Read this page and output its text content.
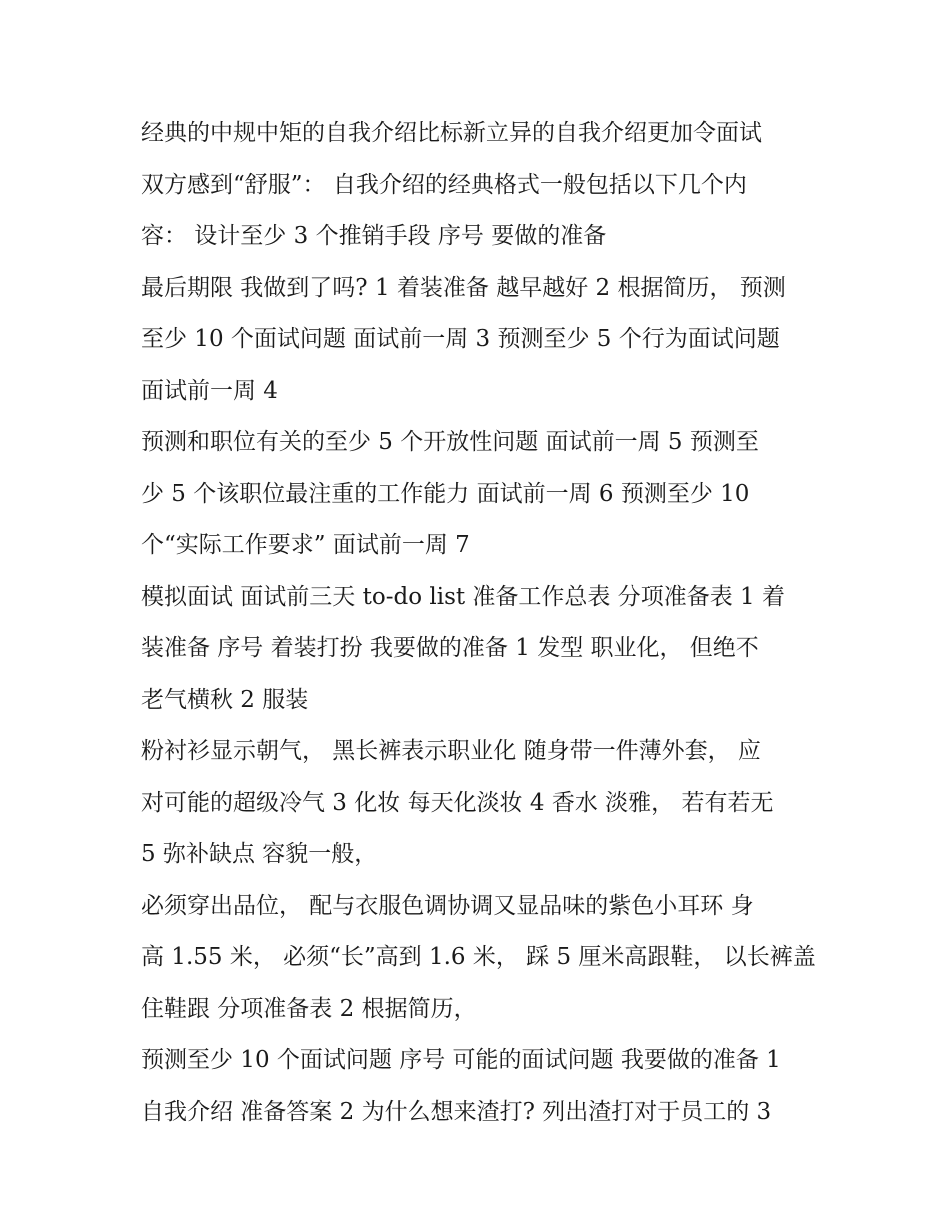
经典的中规中矩的自我介绍比标新立异的自我介绍更加令面试
双方感到“舒服”： 自我介绍的经典格式一般包括以下几个内
容： 设计至少 3 个推销手段 序号 要做的准备
最后期限 我做到了吗? 1 着装准备 越早越好 2 根据简历， 预测
至少 10 个面试问题 面试前一周 3 预测至少 5 个行为面试问题
面试前一周 4
预测和职位有关的至少 5 个开放性问题 面试前一周 5 预测至
少 5 个该职位最注重的工作能力 面试前一周 6 预测至少 10
个“实际工作要求” 面试前一周 7
模拟面试 面试前三天 to-do list 准备工作总表 分项准备表 1 着
装准备 序号 着装打扮 我要做的准备 1 发型 职业化， 但绝不
老气横秋 2 服装
粉衬衫显示朝气， 黑长裤表示职业化 随身带一件薄外套， 应
对可能的超级冷气 3 化妆 每天化淡妆 4 香水 淡雅， 若有若无
5 弥补缺点 容貌一般，
必须穿出品位， 配与衣服色调协调又显品味的紫色小耳环 身
高 1.55 米， 必须“长”高到 1.6 米， 踩 5 厘米高跟鞋， 以长裤盖
住鞋跟 分项准备表 2 根据简历，
预测至少 10 个面试问题 序号 可能的面试问题 我要做的准备 1
自我介绍 准备答案 2 为什么想来渣打? 列出渣打对于员工的 3
